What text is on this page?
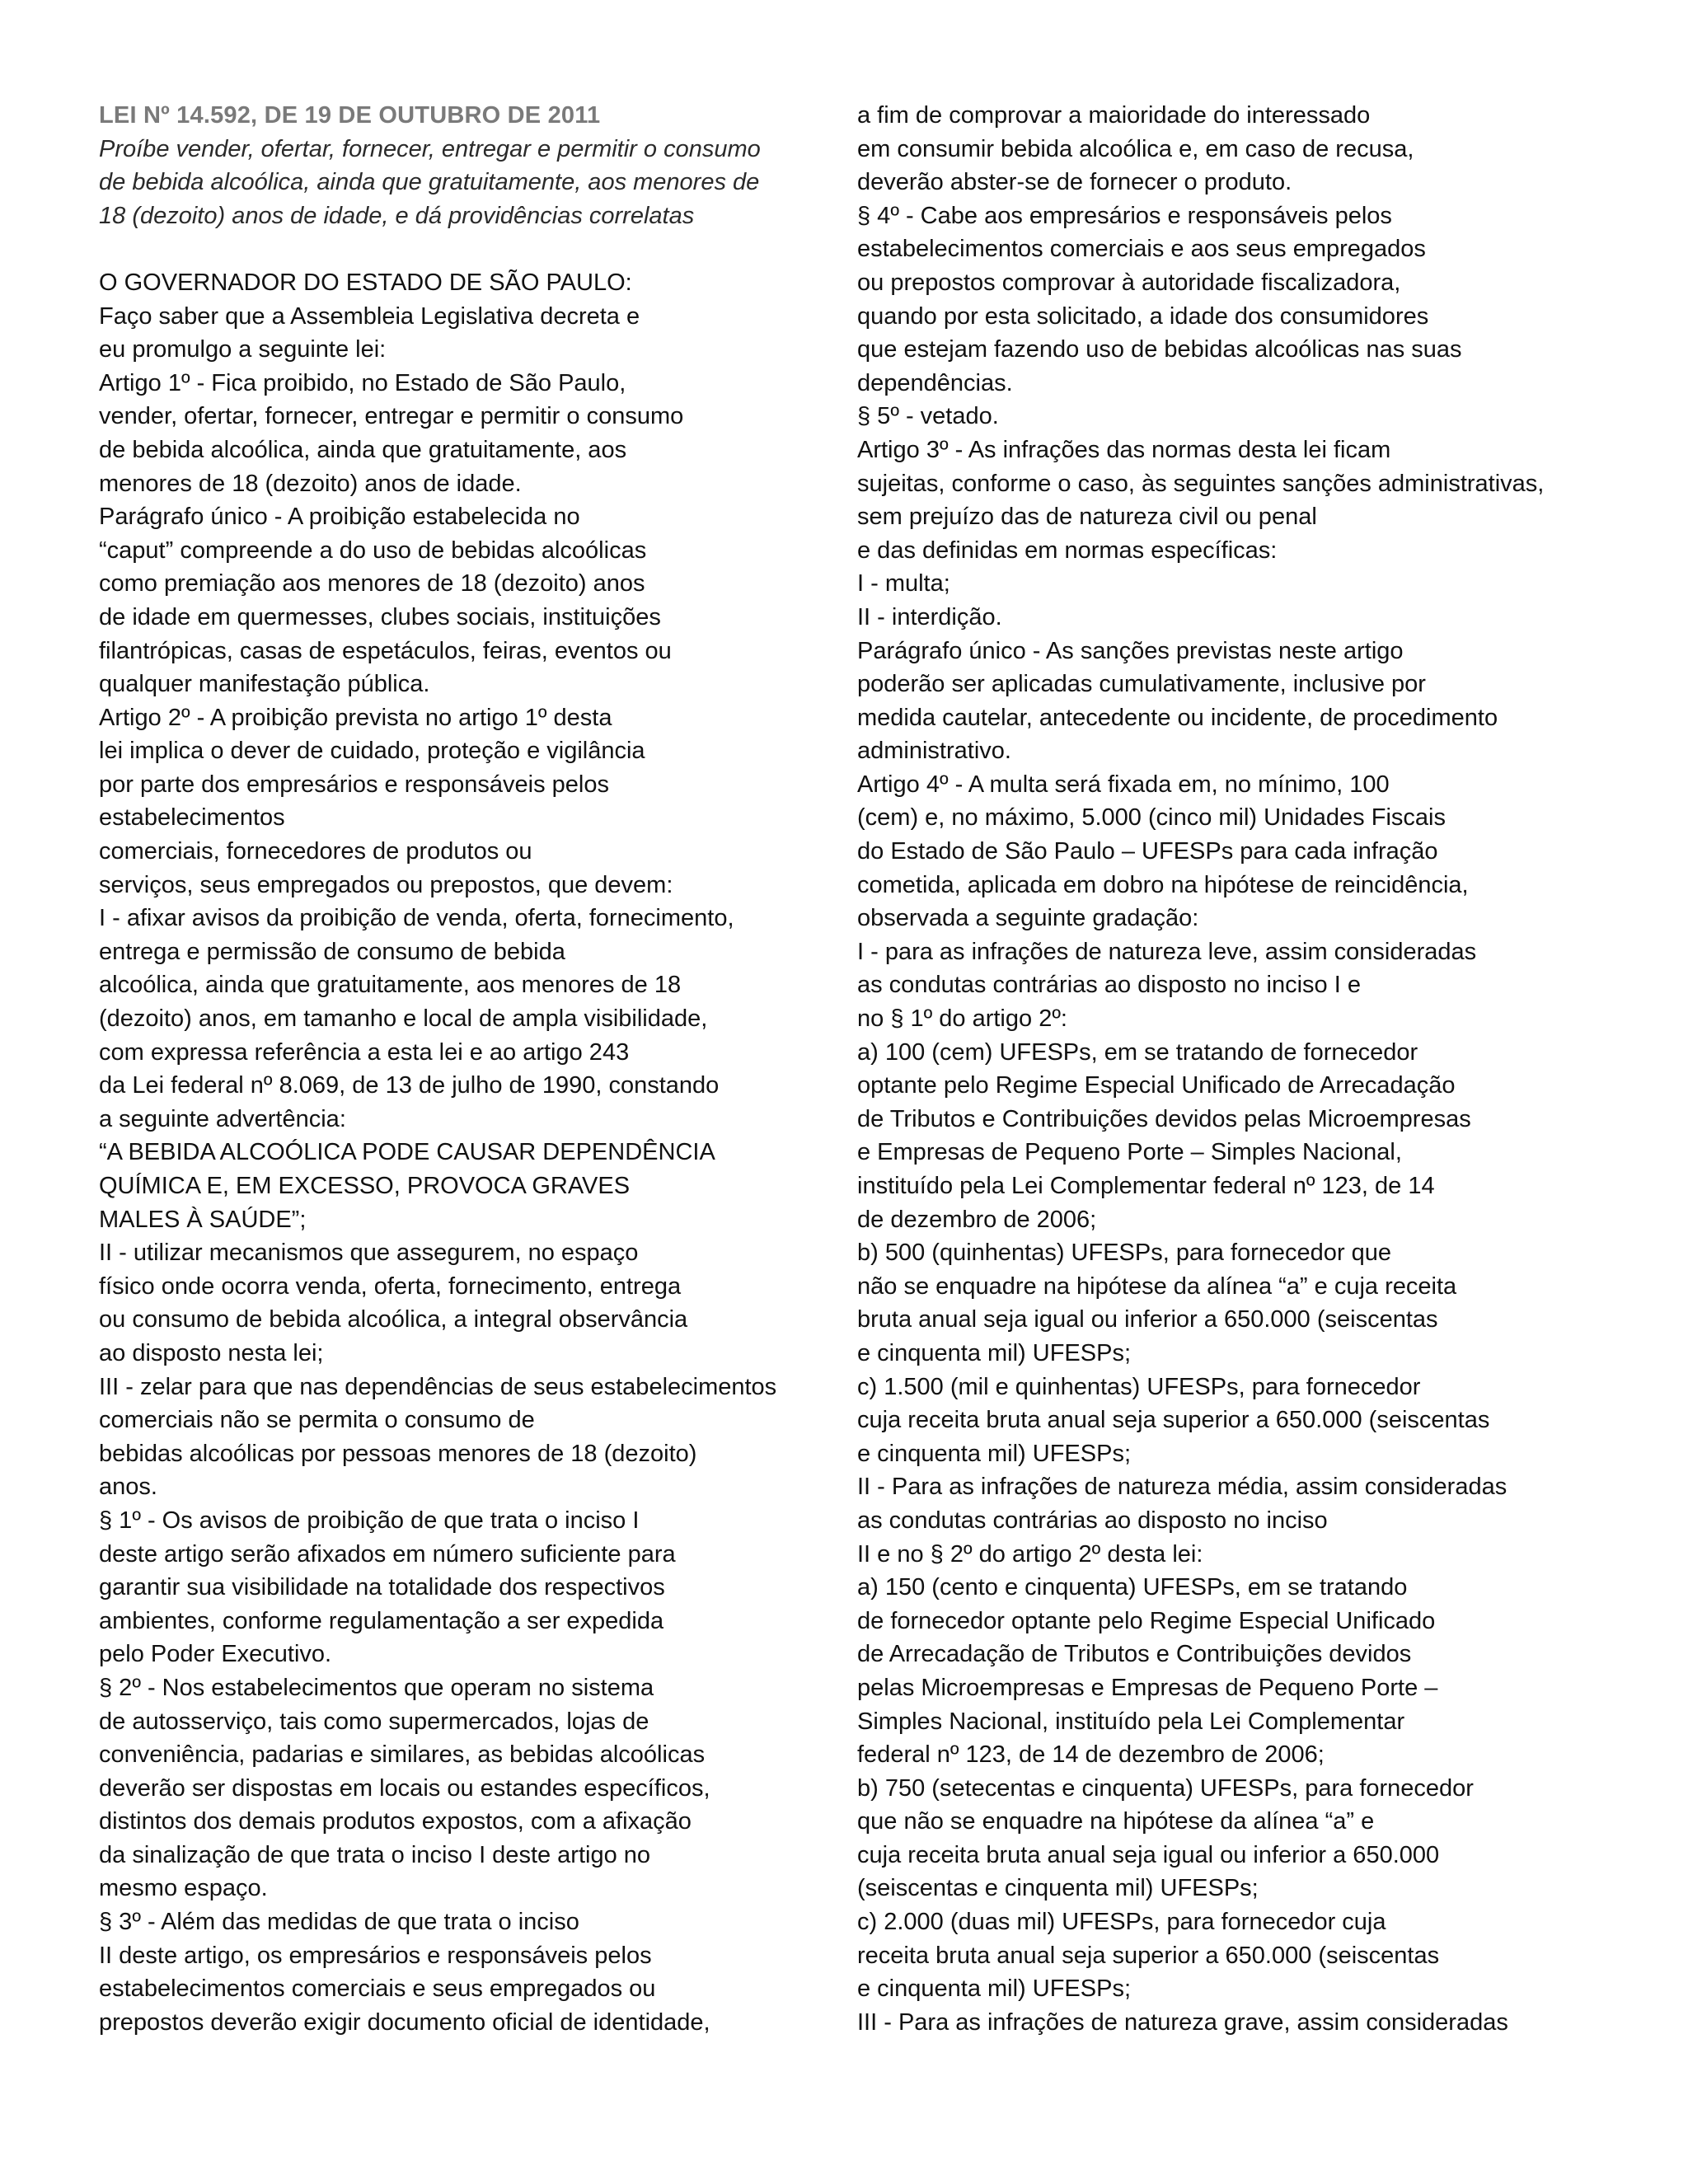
LEI Nº 14.592, DE 19 DE OUTUBRO DE 2011
Proíbe vender, ofertar, fornecer, entregar e permitir o consumo
de bebida alcoólica, ainda que gratuitamente, aos menores de
18 (dezoito) anos de idade, e dá providências correlatas
O GOVERNADOR DO ESTADO DE SÃO PAULO:
Faço saber que a Assembleia Legislativa decreta e
eu promulgo a seguinte lei:
Artigo 1º - Fica proibido, no Estado de São Paulo,
vender, ofertar, fornecer, entregar e permitir o consumo
de bebida alcoólica, ainda que gratuitamente, aos
menores de 18 (dezoito) anos de idade.
Parágrafo único - A proibição estabelecida no
“caput” compreende a do uso de bebidas alcoólicas
como premiação aos menores de 18 (dezoito) anos
de idade em quermesses, clubes sociais, instituições
filantrópicas, casas de espetáculos, feiras, eventos ou
qualquer manifestação pública.
Artigo 2º - A proibição prevista no artigo 1º desta
lei implica o dever de cuidado, proteção e vigilância
por parte dos empresários e responsáveis pelos
estabelecimentos
comerciais, fornecedores de produtos ou
serviços, seus empregados ou prepostos, que devem:
I - afixar avisos da proibição de venda, oferta, fornecimento,
entrega e permissão de consumo de bebida
alcoólica, ainda que gratuitamente, aos menores de 18
(dezoito) anos, em tamanho e local de ampla visibilidade,
com expressa referência a esta lei e ao artigo 243
da Lei federal nº 8.069, de 13 de julho de 1990, constando
a seguinte advertência:
“A BEBIDA ALCOÓLICA PODE CAUSAR DEPENDÊNCIA
QUÍMICA E, EM EXCESSO, PROVOCA GRAVES
MALES À SAÚDE”;
II - utilizar mecanismos que assegurem, no espaço
físico onde ocorra venda, oferta, fornecimento, entrega
ou consumo de bebida alcoólica, a integral observância
ao disposto nesta lei;
III - zelar para que nas dependências de seus estabelecimentos
comerciais não se permita o consumo de
bebidas alcoólicas por pessoas menores de 18 (dezoito)
anos.
§ 1º - Os avisos de proibição de que trata o inciso I
deste artigo serão afixados em número suficiente para
garantir sua visibilidade na totalidade dos respectivos
ambientes, conforme regulamentação a ser expedida
pelo Poder Executivo.
§ 2º - Nos estabelecimentos que operam no sistema
de autosserviço, tais como supermercados, lojas de
conveniência, padarias e similares, as bebidas alcoólicas
deverão ser dispostas em locais ou estandes específicos,
distintos dos demais produtos expostos, com a afixação
da sinalização de que trata o inciso I deste artigo no
mesmo espaço.
§ 3º - Além das medidas de que trata o inciso
II deste artigo, os empresários e responsáveis pelos
estabelecimentos comerciais e seus empregados ou
prepostos deverão exigir documento oficial de identidade,
a fim de comprovar a maioridade do interessado
em consumir bebida alcoólica e, em caso de recusa,
deverão abster-se de fornecer o produto.
§ 4º - Cabe aos empresários e responsáveis pelos
estabelecimentos comerciais e aos seus empregados
ou prepostos comprovar à autoridade fiscalizadora,
quando por esta solicitado, a idade dos consumidores
que estejam fazendo uso de bebidas alcoólicas nas suas
dependências.
§ 5º - vetado.
Artigo 3º - As infrações das normas desta lei ficam
sujeitas, conforme o caso, às seguintes sanções administrativas,
sem prejuízo das de natureza civil ou penal
e das definidas em normas específicas:
I - multa;
II - interdição.
Parágrafo único - As sanções previstas neste artigo
poderão ser aplicadas cumulativamente, inclusive por
medida cautelar, antecedente ou incidente, de procedimento
administrativo.
Artigo 4º - A multa será fixada em, no mínimo, 100
(cem) e, no máximo, 5.000 (cinco mil) Unidades Fiscais
do Estado de São Paulo – UFESPs para cada infração
cometida, aplicada em dobro na hipótese de reincidência,
observada a seguinte gradação:
I - para as infrações de natureza leve, assim consideradas
as condutas contrárias ao disposto no inciso I e
no § 1º do artigo 2º:
a) 100 (cem) UFESPs, em se tratando de fornecedor
optante pelo Regime Especial Unificado de Arrecadação
de Tributos e Contribuições devidos pelas Microempresas
e Empresas de Pequeno Porte – Simples Nacional,
instituído pela Lei Complementar federal nº 123, de 14
de dezembro de 2006;
b) 500 (quinhentas) UFESPs, para fornecedor que
não se enquadre na hipótese da alínea “a” e cuja receita
bruta anual seja igual ou inferior a 650.000 (seiscentas
e cinquenta mil) UFESPs;
c) 1.500 (mil e quinhentas) UFESPs, para fornecedor
cuja receita bruta anual seja superior a 650.000 (seiscentas
e cinquenta mil) UFESPs;
II - Para as infrações de natureza média, assim consideradas
as condutas contrárias ao disposto no inciso
II e no § 2º do artigo 2º desta lei:
a) 150 (cento e cinquenta) UFESPs, em se tratando
de fornecedor optante pelo Regime Especial Unificado
de Arrecadação de Tributos e Contribuições devidos
pelas Microempresas e Empresas de Pequeno Porte –
Simples Nacional, instituído pela Lei Complementar
federal nº 123, de 14 de dezembro de 2006;
b) 750 (setecentas e cinquenta) UFESPs, para fornecedor
que não se enquadre na hipótese da alínea “a” e
cuja receita bruta anual seja igual ou inferior a 650.000
(seiscentas e cinquenta mil) UFESPs;
c) 2.000 (duas mil) UFESPs, para fornecedor cuja
receita bruta anual seja superior a 650.000 (seiscentas
e cinquenta mil) UFESPs;
III - Para as infrações de natureza grave, assim consideradas
